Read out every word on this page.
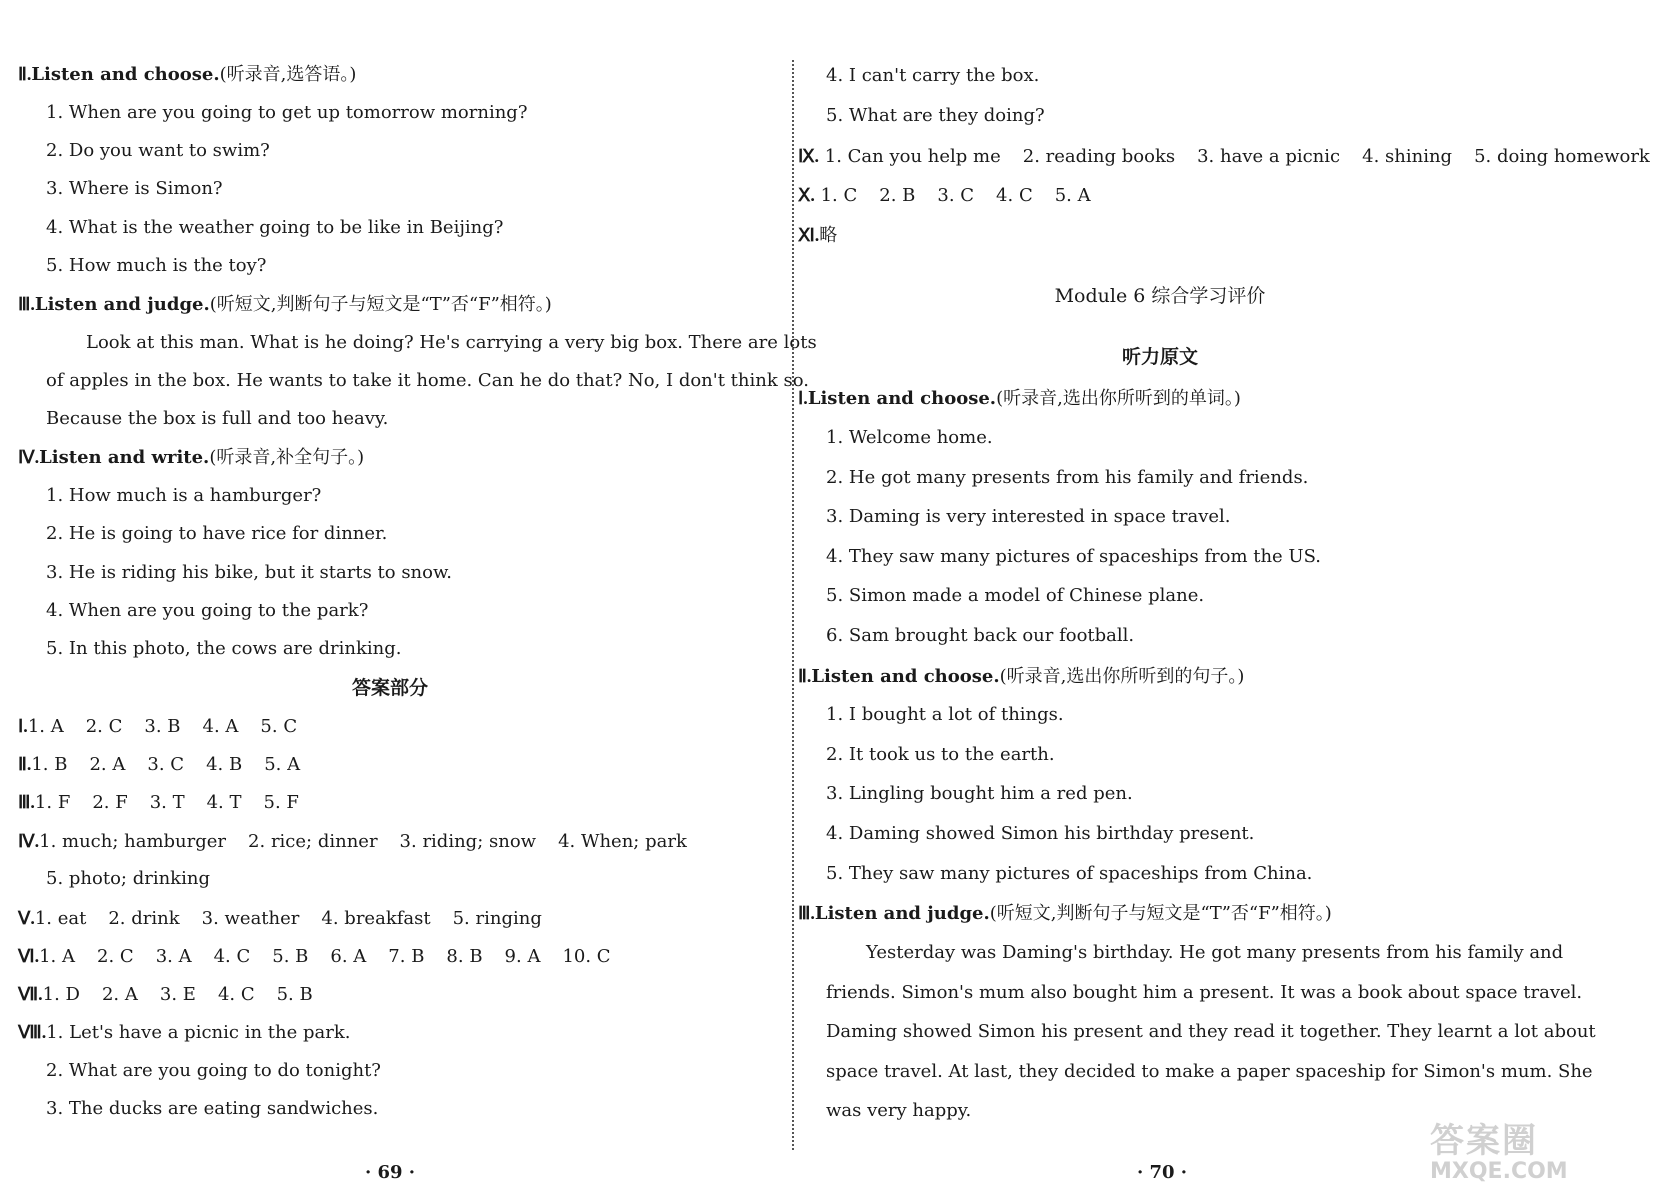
Ⅱ.Listen and choose.(听录音,选答语。)
1. When are you going to get up tomorrow morning?
2. Do you want to swim?
3. Where is Simon?
4. What is the weather going to be like in Beijing?
5. How much is the toy?
Ⅲ.Listen and judge.(听短文,判断句子与短文是“T”否“F”相符。)
Look at this man. What is he doing? He's carrying a very big box. There are lots
of apples in the box. He wants to take it home. Can he do that? No, I don't think so.
Because the box is full and too heavy.
Ⅳ.Listen and write.(听录音,补全句子。)
1. How much is a hamburger?
2. He is going to have rice for dinner.
3. He is riding his bike, but it starts to snow.
4. When are you going to the park?
5. In this photo, the cows are drinking.
答案部分
Ⅰ.1. A 2. C 3. B 4. A 5. C
Ⅱ.1. B 2. A 3. C 4. B 5. A
Ⅲ.1. F 2. F 3. T 4. T 5. F
Ⅳ.1. much; hamburger 2. rice; dinner 3. riding; snow 4. When; park
5. photo; drinking
Ⅴ.1. eat 2. drink 3. weather 4. breakfast 5. ringing
Ⅵ.1. A 2. C 3. A 4. C 5. B 6. A 7. B 8. B 9. A 10. C
Ⅶ.1. D 2. A 3. E 4. C 5. B
Ⅷ.1. Let's have a picnic in the park.
2. What are you going to do tonight?
3. The ducks are eating sandwiches.
· 69 ·
4. I can't carry the box.
5. What are they doing?
Ⅸ. 1. Can you help me 2. reading books 3. have a picnic 4. shining 5. doing homework
Ⅹ. 1. C 2. B 3. C 4. C 5. A
Ⅺ.略
Module 6 综合学习评价
听力原文
Ⅰ.Listen and choose.(听录音,选出你所听到的单词。)
1. Welcome home.
2. He got many presents from his family and friends.
3. Daming is very interested in space travel.
4. They saw many pictures of spaceships from the US.
5. Simon made a model of Chinese plane.
6. Sam brought back our football.
Ⅱ.Listen and choose.(听录音,选出你所听到的句子。)
1. I bought a lot of things.
2. It took us to the earth.
3. Lingling bought him a red pen.
4. Daming showed Simon his birthday present.
5. They saw many pictures of spaceships from China.
Ⅲ.Listen and judge.(听短文,判断句子与短文是“T”否“F”相符。)
Yesterday was Daming's birthday. He got many presents from his family and
friends. Simon's mum also bought him a present. It was a book about space travel.
Daming showed Simon his present and they read it together. They learnt a lot about
space travel. At last, they decided to make a paper spaceship for Simon's mum. She
was very happy.
· 70 ·
答案圈
MXQE.COM
